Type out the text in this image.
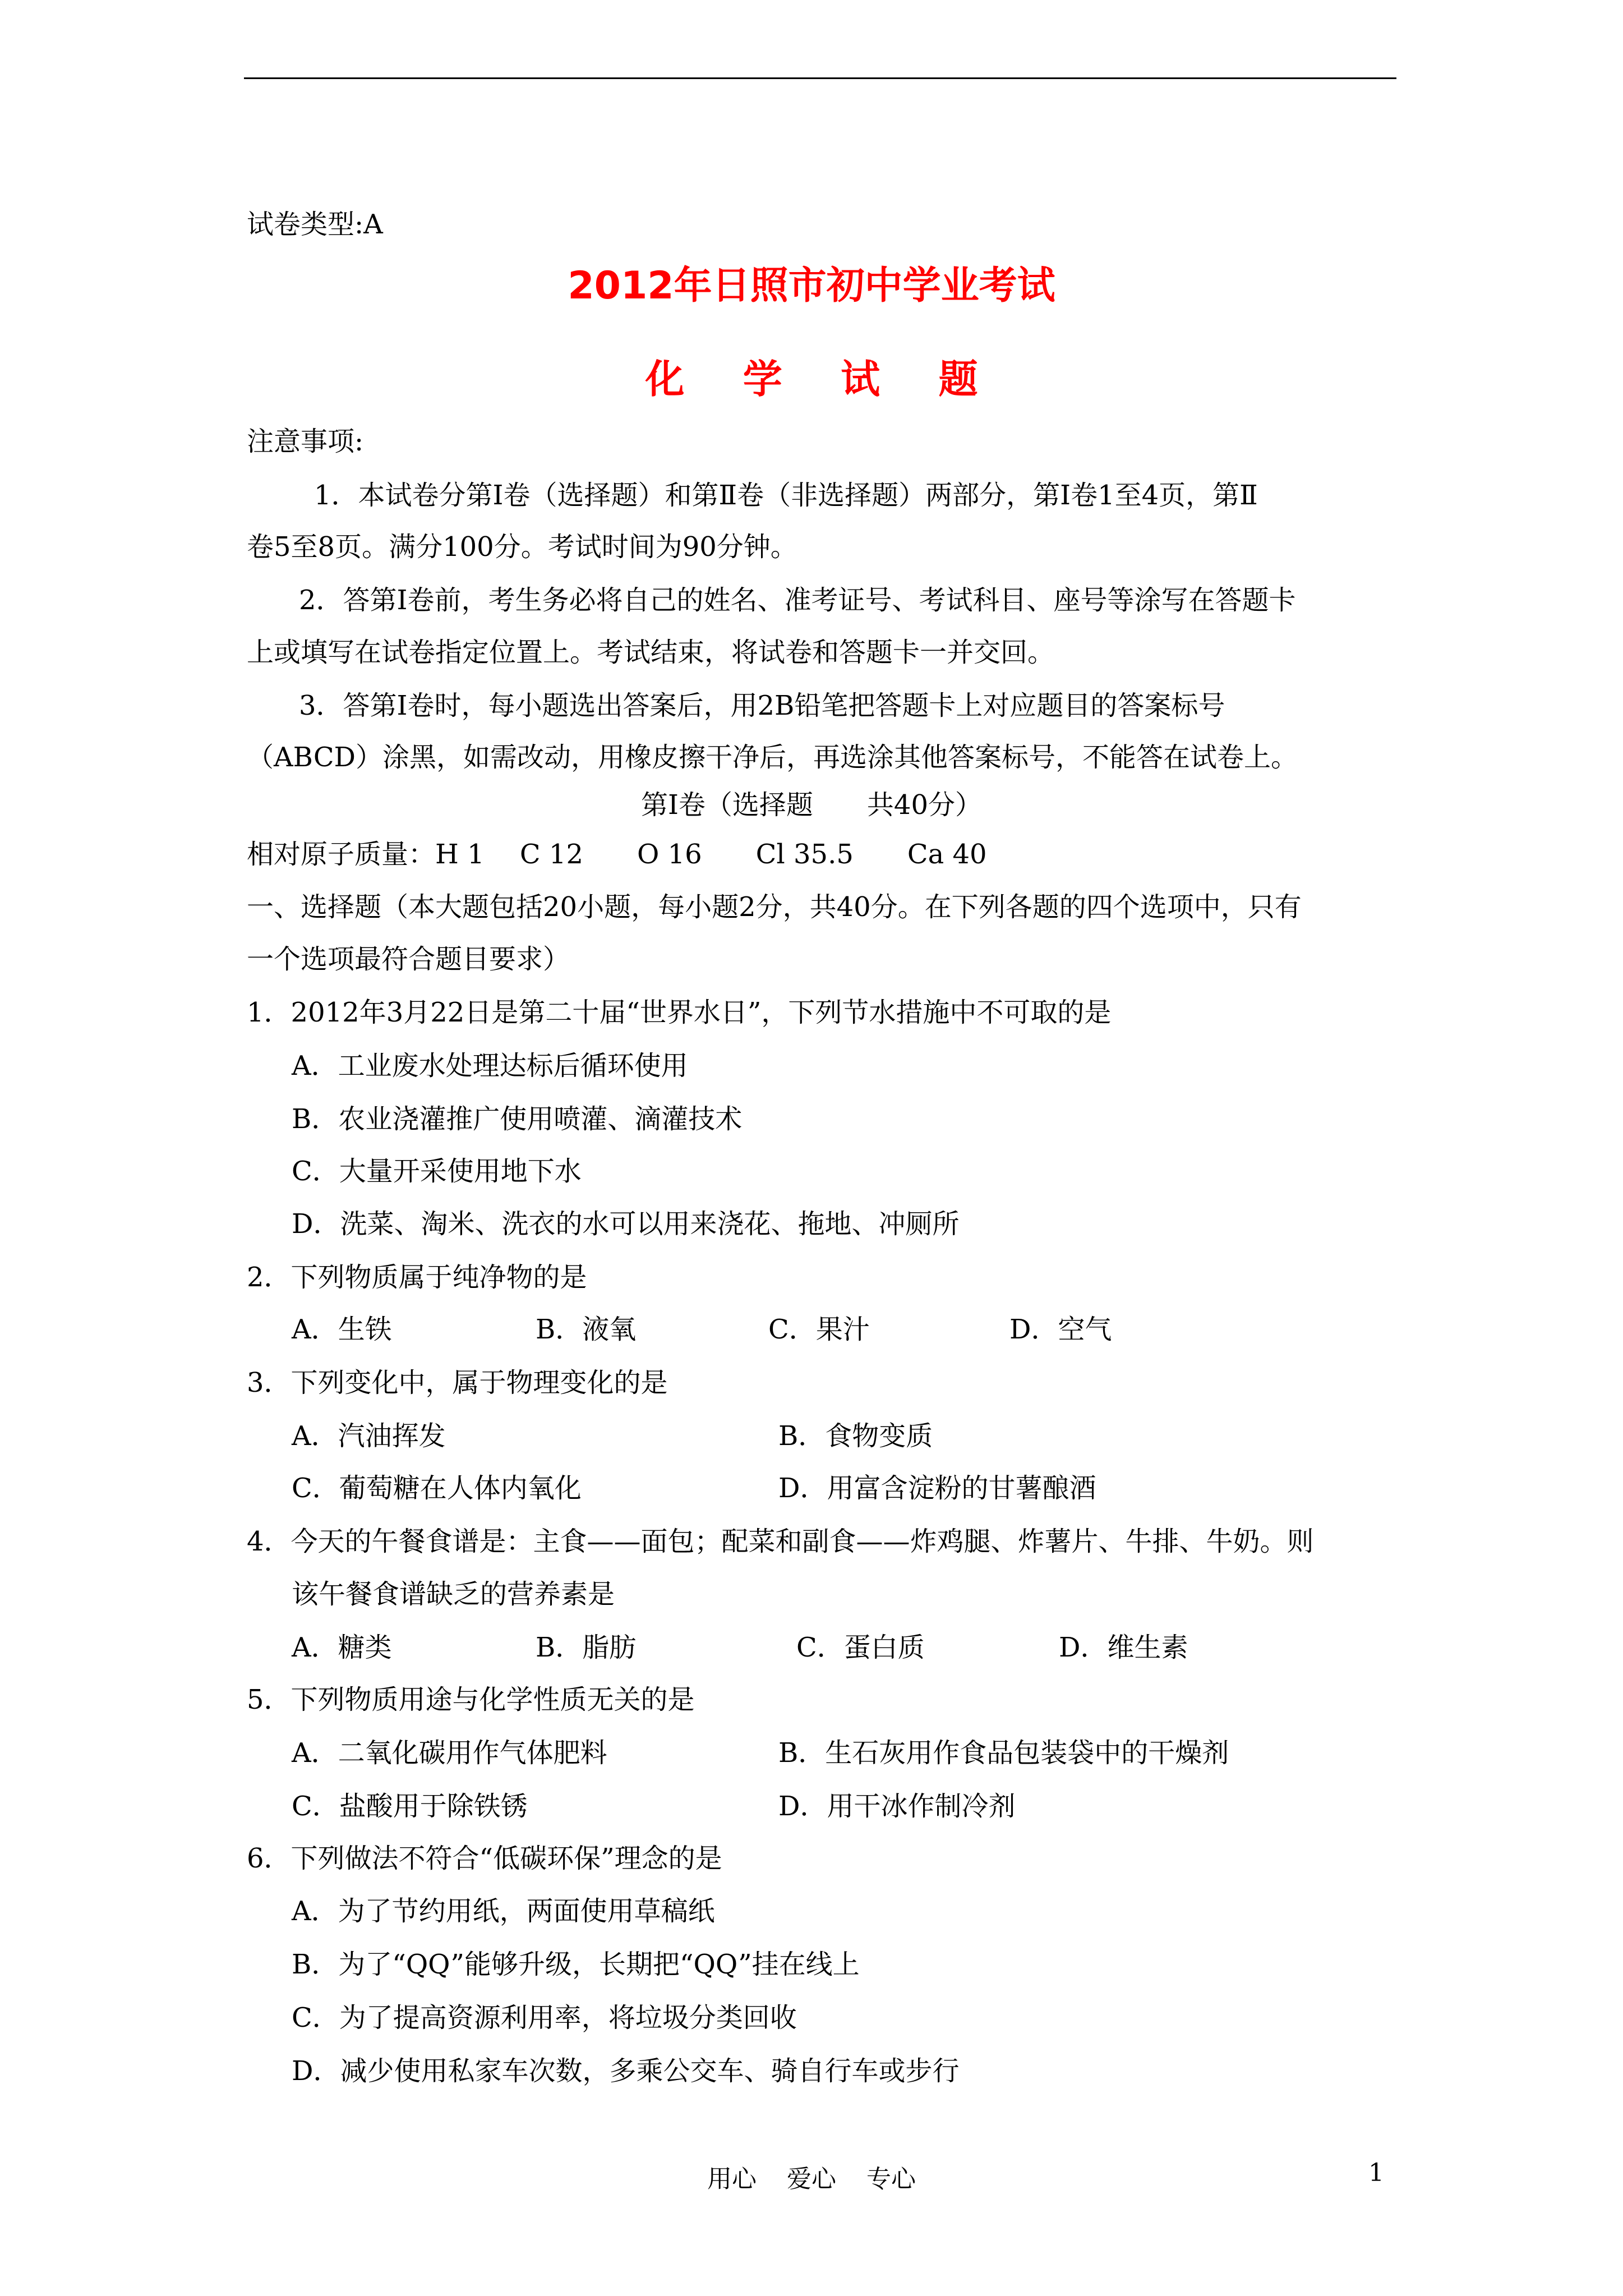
试卷类型:A
2012年日照市初中学业考试
化 学 试 题
注意事项:
1．本试卷分第Ⅰ卷（选择题）和第Ⅱ卷（非选择题）两部分，第Ⅰ卷1至4页，第Ⅱ
卷5至8页。满分100分。考试时间为90分钟。
2．答第Ⅰ卷前，考生务必将自己的姓名、准考证号、考试科目、座号等涂写在答题卡
上或填写在试卷指定位置上。考试结束，将试卷和答题卡一并交回。
3．答第Ⅰ卷时，每小题选出答案后，用2B铅笔把答题卡上对应题目的答案标号
（ABCD）涂黑，如需改动，用橡皮擦干净后，再选涂其他答案标号，不能答在试卷上。
第Ⅰ卷（选择题　　共40分）
相对原子质量：H 1　 C 12　　O 16　　Cl 35.5　　Ca 40
一、选择题（本大题包括20小题，每小题2分，共40分。在下列各题的四个选项中，只有
一个选项最符合题目要求）
1．2012年3月22日是第二十届“世界水日”，下列节水措施中不可取的是
A．工业废水处理达标后循环使用
B．农业浇灌推广使用喷灌、滴灌技术
C．大量开采使用地下水
D．洗菜、淘米、洗衣的水可以用来浇花、拖地、冲厕所
2．下列物质属于纯净物的是
A．生铁	B．液氧	C．果汁	D．空气
3．下列变化中，属于物理变化的是
A．汽油挥发	B．食物变质
C．葡萄糖在人体内氧化	D．用富含淀粉的甘薯酿酒
4．今天的午餐食谱是：主食——面包；配菜和副食——炸鸡腿、炸薯片、牛排、牛奶。则
该午餐食谱缺乏的营养素是
A．糖类	B．脂肪	C．蛋白质	D．维生素
5．下列物质用途与化学性质无关的是
A．二氧化碳用作气体肥料	B．生石灰用作食品包装袋中的干燥剂
C．盐酸用于除铁锈	D．用干冰作制冷剂
6．下列做法不符合“低碳环保”理念的是
A．为了节约用纸，两面使用草稿纸
B．为了“QQ”能够升级，长期把“QQ”挂在线上
C．为了提高资源利用率，将垃圾分类回收
D．减少使用私家车次数，多乘公交车、骑自行车或步行
用心 爱心 专心	1
